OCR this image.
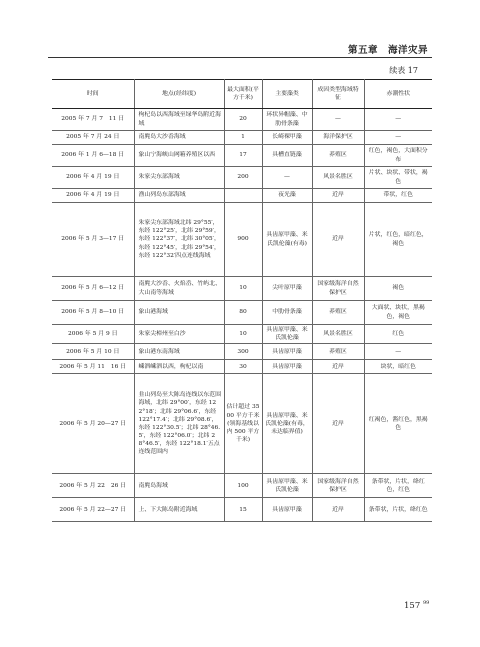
第五章　海洋灾异
续表 17
时间	地点(经纬度)	最大面积(平方千米)	主要藻类	成因类型海域特征	赤潮性状
2005 年 7 月 7　11 日	枸杞岛以西海域至绿华岛附近海域	20	环状异帽藻、中肋骨条藻	—	—
2005 年 7 月 24 日	南麂岛大沙岙海域	1	长崎裸甲藻	海洋保护区	—
2006 年 1 月 6—18 日	象山宁海峡山网箱养殖区以西	17	具槽直链藻	养殖区	红色，褐色，大面积分布
2006 年 4 月 19 日	朱家尖东部海域	200	—	风景名胜区	片状、块状、带状，褐色
2006 年 4 月 19 日	渔山列岛东部海域		夜光藻	近岸	带状，红色
2006 年 5 月 3—17 日	朱家尖东部海域北纬 29°55′，东经 122°25′，北纬 29°59′，东经 122°37′，北纬 30°05′，东经 122°45′，北纬 29°54′，东经 122°32′四点连线海域	900	具齿原甲藻、米氏凯伦藻(有毒)	近岸	片状，红色，暗红色，褐色
2006 年 5 月 6—12 日	南麂大沙岙、火焰岙、竹屿北、大山南等海域	10	尖叶原甲藻	国家级海洋自然保护区	褐色
2006 年 5 月 8—10 日	象山港海域	80	中肋骨条藻	养殖区	大面状、块状，黑褐色，褐色
2006 年 5 月 9 日	朱家尖樟州至白沙	10	具齿原甲藻、米氏凯伦藻	风景名胜区	红色
2006 年 5 月 10 日	象山港东南海域	300	具齿原甲藻	养殖区	—
2006 年 5 月 11　16 日	嵊泗嵊泗以西，枸杞以南	30	具齿原甲藻	近岸	块状，暗红色
2006 年 5 月 20—27 日	韭山列岛至大陈岛连线以东范围海域，北纬 29°00′，东经 122°18′；北纬 29°06.6′，东经 122°17.4′；北纬 29°08.6′，东经 122°30.5′；北纬 28°46.5′，东经 122°06.0′；北纬 28°46.5′，东经 122°18.1′五点连线范围内	估计超过 3500 平方千米(领海基线以内 500 平方千米)	具齿原甲藻、米氏凯伦藻(有毒，未达临界值)	近岸	红褐色，酱红色，黑褐色
2006 年 5 月 22　26 日	南麂岛海域	100	具齿原甲藻、米氏凯伦藻	国家级海洋自然保护区	条带状，片状，绛红色，红色
2006 年 5 月 22—27 日	上、下大陈岛附近海域	15	具齿原甲藻	近岸	条带状，片状，绛红色
157 $^{99}$
